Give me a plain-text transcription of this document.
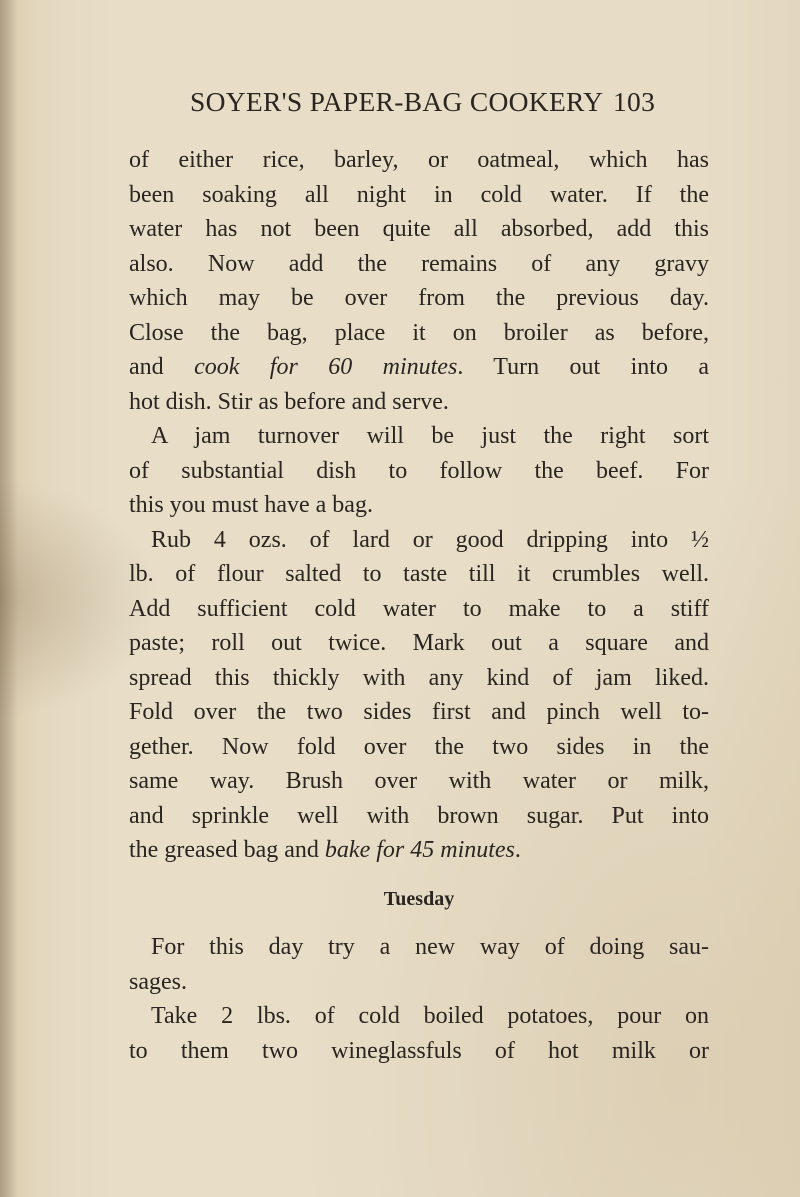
SOYER'S PAPER-BAG COOKERY 103
of either rice, barley, or oatmeal, which has
been soaking all night in cold water. If the
water has not been quite all absorbed, add this
also. Now add the remains of any gravy
which may be over from the previous day.
Close the bag, place it on broiler as before,
and cook for 60 minutes. Turn out into a
hot dish. Stir as before and serve.
A jam turnover will be just the right sort
of substantial dish to follow the beef. For
this you must have a bag.
Rub 4 ozs. of lard or good dripping into ½
lb. of flour salted to taste till it crumbles well.
Add sufficient cold water to make to a stiff
paste; roll out twice. Mark out a square and
spread this thickly with any kind of jam liked.
Fold over the two sides first and pinch well to-
gether. Now fold over the two sides in the
same way. Brush over with water or milk,
and sprinkle well with brown sugar. Put into
the greased bag and bake for 45 minutes.
Tuesday
For this day try a new way of doing sau-
sages.
Take 2 lbs. of cold boiled potatoes, pour on
to them two wineglassfuls of hot milk or
